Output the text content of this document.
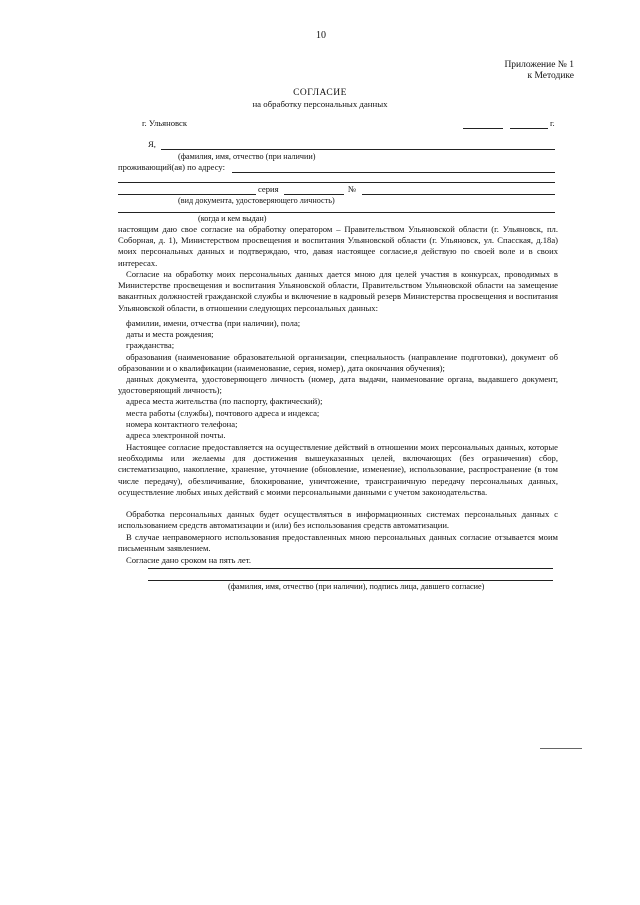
10
Приложение № 1
к Методике
СОГЛАСИЕ
на обработку персональных данных
г. Ульяновск	г.
Я,
(фамилия, имя, отчество (при наличии)
проживающий(ая) по адресу:
серия	№
(вид документа, удостоверяющего личность)
(когда и кем выдан)
настоящим даю свое согласие на обработку оператором – Правительством Ульяновской области (г. Ульяновск, пл. Соборная, д. 1), Министерством просвещения и воспитания Ульяновской области (г. Ульяновск, ул. Спасская, д.18а) моих персональных данных и подтверждаю, что, давая настоящее согласие,я действую по своей воле и в своих интересах.
Согласие на обработку моих персональных данных дается мною для целей участия в конкурсах, проводимых в Министерстве просвещения и воспитания Ульяновской области, Правительством Ульяновской области на замещение вакантных должностей гражданской службы и включение в кадровый резерв Министерства просвещения и воспитания Ульяновской области, в отношении следующих персональных данных:
фамилии, имени, отчества (при наличии), пола;
даты и места рождения;
гражданства;
образования (наименование образовательной организации, специальность (направление подготовки), документ об образовании и о квалификации (наименование, серия, номер), дата окончания обучения);
данных документа, удостоверяющего личность (номер, дата выдачи, наименование органа, выдавшего документ, удостоверяющий личность);
адреса места жительства (по паспорту, фактический);
места работы (службы), почтового адреса и индекса;
номера контактного телефона;
адреса электронной почты.
Настоящее согласие предоставляется на осуществление действий в отношении моих персональных данных, которые необходимы или желаемы для достижения вышеуказанных целей, включающих (без ограничения) сбор, систематизацию, накопление, хранение, уточнение (обновление, изменение), использование, распространение (в том числе передачу), обезличивание, блокирование, уничтожение, трансграничную передачу персональных данных, осуществление любых иных действий с моими персональными данными с учетом законодательства.
Обработка персональных данных будет осуществляться в информационных системах персональных данных с использованием средств автоматизации и (или) без использования средств автоматизации.
В случае неправомерного использования предоставленных мною персональных данных согласие отзывается моим письменным заявлением.
Согласие дано сроком на пять лет.
(фамилия, имя, отчество (при наличии), подпись лица, давшего согласие)
